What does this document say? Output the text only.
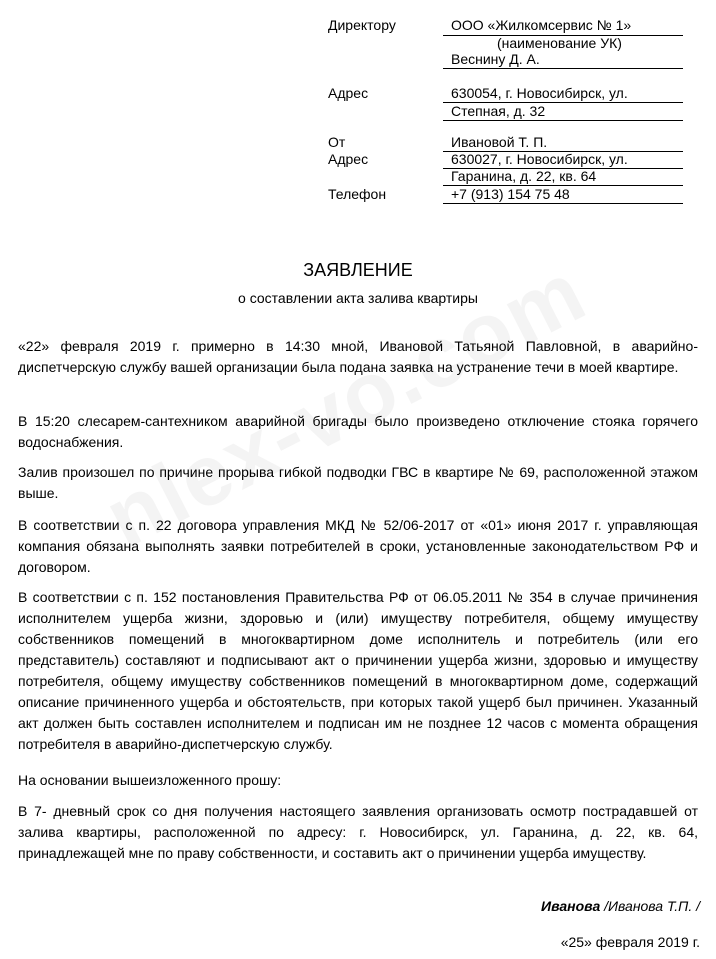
Директору	ООО «Жилкомсервис № 1»
(наименование УК)
Веснину Д. А.
Адрес	630054, г. Новосибирск, ул.
Степная, д. 32
От	Ивановой Т. П.
Адрес	630027, г. Новосибирск, ул.
Гаранина, д. 22, кв. 64
Телефон	+7 (913) 154 75 48
ЗАЯВЛЕНИЕ
о составлении акта залива квартиры

«22» февраля 2019 г. примерно в 14:30 мной, Ивановой Татьяной Павловной, в аварийно-диспетчерскую службу вашей организации была подана заявка на устранение течи в моей квартире.

В 15:20 слесарем-сантехником аварийной бригады было произведено отключение стояка горячего водоснабжения.

Залив произошел по причине прорыва гибкой подводки ГВС в квартире № 69, расположенной этажом выше.

В соответствии с п. 22 договора управления МКД № 52/06-2017 от «01» июня 2017 г. управляющая компания обязана выполнять заявки потребителей в сроки, установленные законодательством РФ и договором.

В соответствии с п. 152 постановления Правительства РФ от 06.05.2011 № 354 в случае причинения исполнителем ущерба жизни, здоровью и (или) имуществу потребителя, общему имуществу собственников помещений в многоквартирном доме исполнитель и потребитель (или его представитель) составляют и подписывают акт о причинении ущерба жизни, здоровью и имуществу потребителя, общему имуществу собственников помещений в многоквартирном доме, содержащий описание причиненного ущерба и обстоятельств, при которых такой ущерб был причинен. Указанный акт должен быть составлен исполнителем и подписан им не позднее 12 часов с момента обращения потребителя в аварийно-диспетчерскую службу.

На основании вышеизложенного прошу:

В 7- дневный срок со дня получения настоящего заявления организовать осмотр пострадавшей от залива квартиры, расположенной по адресу: г. Новосибирск, ул. Гаранина, д. 22, кв. 64, принадлежащей мне по праву собственности, и составить акт о причинении ущерба имуществу.

Иванова /Иванова Т.П. /
«25» февраля 2019 г.
